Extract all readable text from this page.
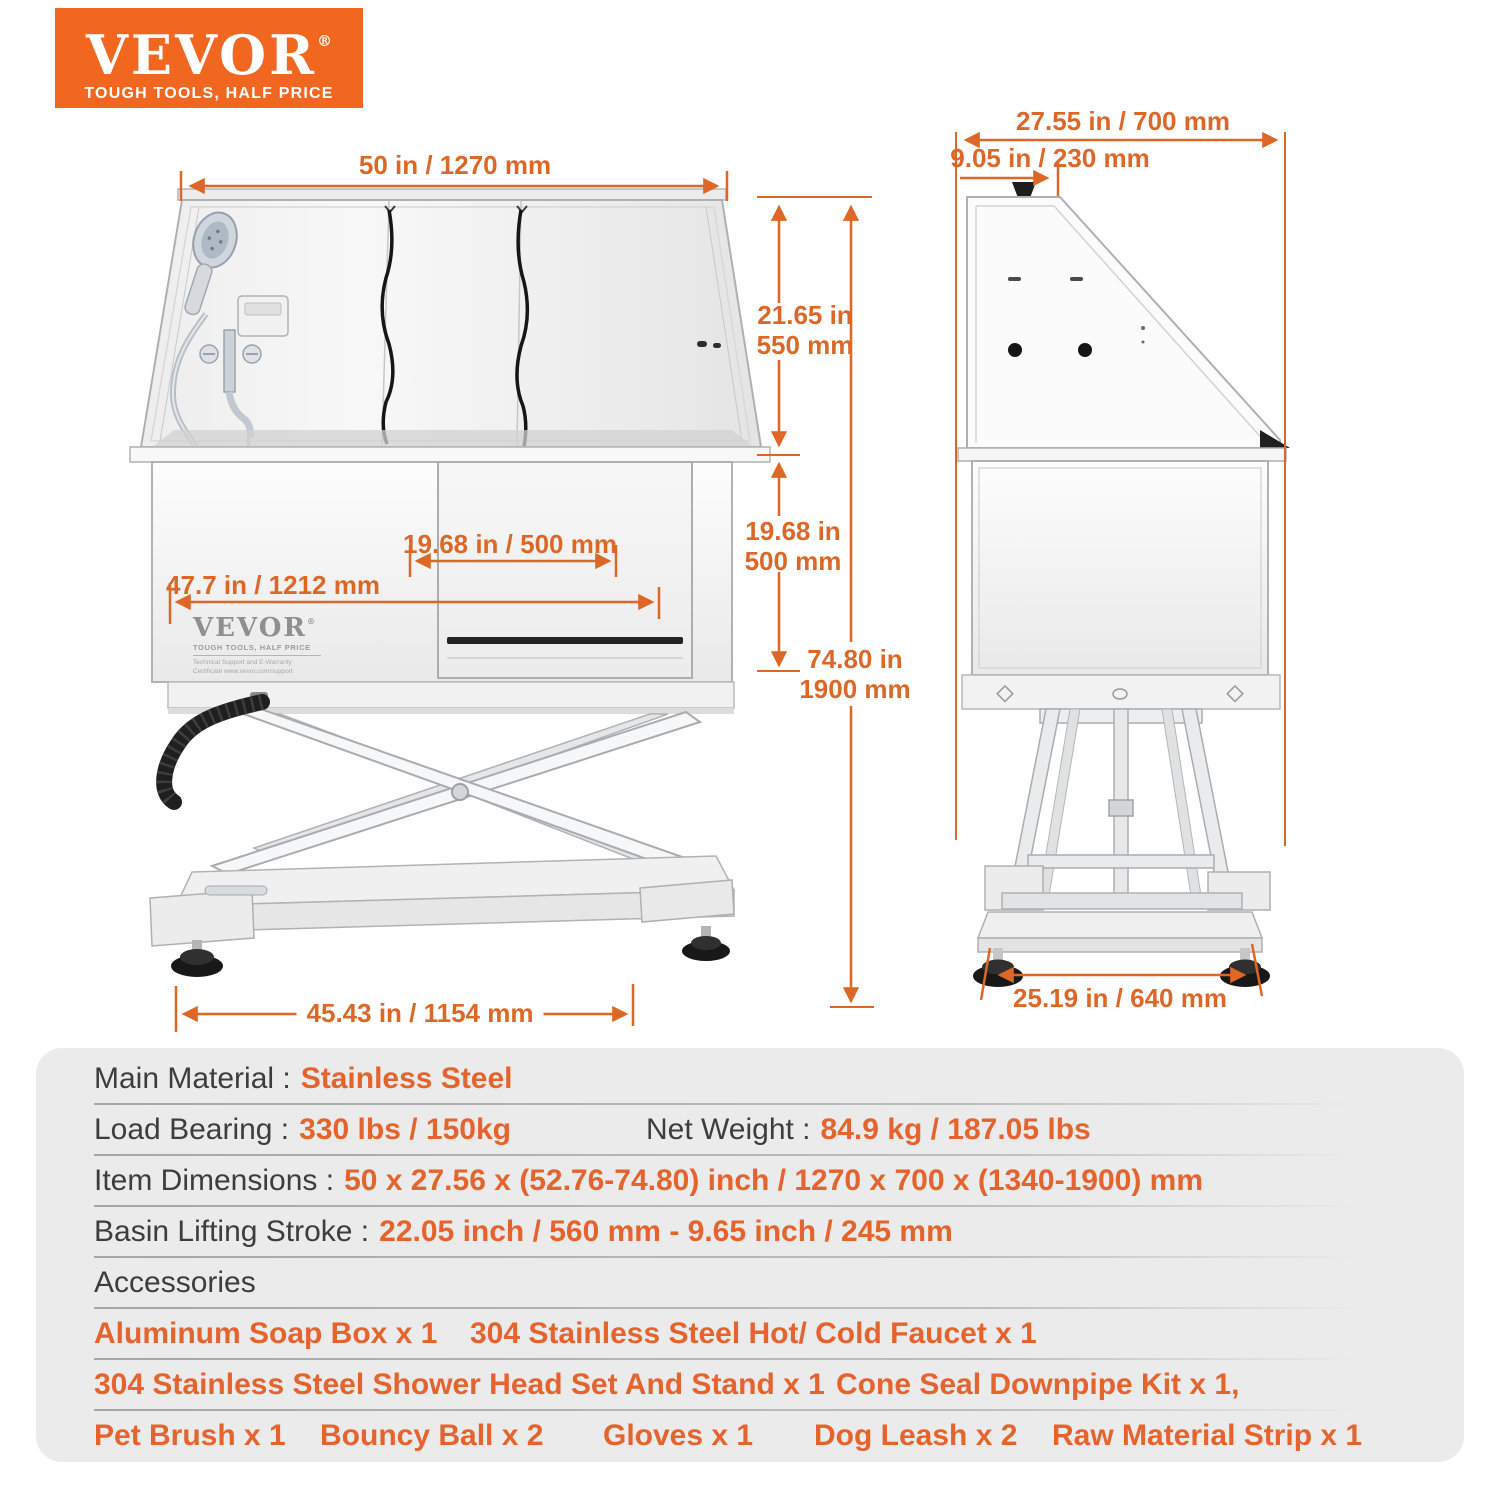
VEVOR®
TOUGH TOOLS, HALF PRICE
50 in / 1270 mm
21.65 in
550 mm
19.68 in / 500 mm	19.68 in
500 mm
47.7 in / 1212 mm
74.80 in
1900 mm
45.43 in / 1154 mm
27.55 in / 700 mm
9.05 in / 230 mm
25.19 in / 640 mm
VEVOR®
TOUGH TOOLS, HALF PRICE
Technical Support and E-Warranty
Certificate www.vevor.com/support
Main Material : Stainless Steel
Load Bearing : 330 lbs / 150kg	Net Weight : 84.9 kg / 187.05 lbs
Item Dimensions : 50 x 27.56 x (52.76-74.80) inch / 1270 x 700 x (1340-1900) mm
Basin Lifting Stroke : 22.05 inch / 560 mm - 9.65 inch / 245 mm
Accessories
Aluminum Soap Box x 1 304 Stainless Steel Hot/ Cold Faucet x 1
304 Stainless Steel Shower Head Set And Stand x 1 Cone Seal Downpipe Kit x 1,
Pet Brush x 1 Bouncy Ball x 2 Gloves x 1 Dog Leash x 2 Raw Material Strip x 1
